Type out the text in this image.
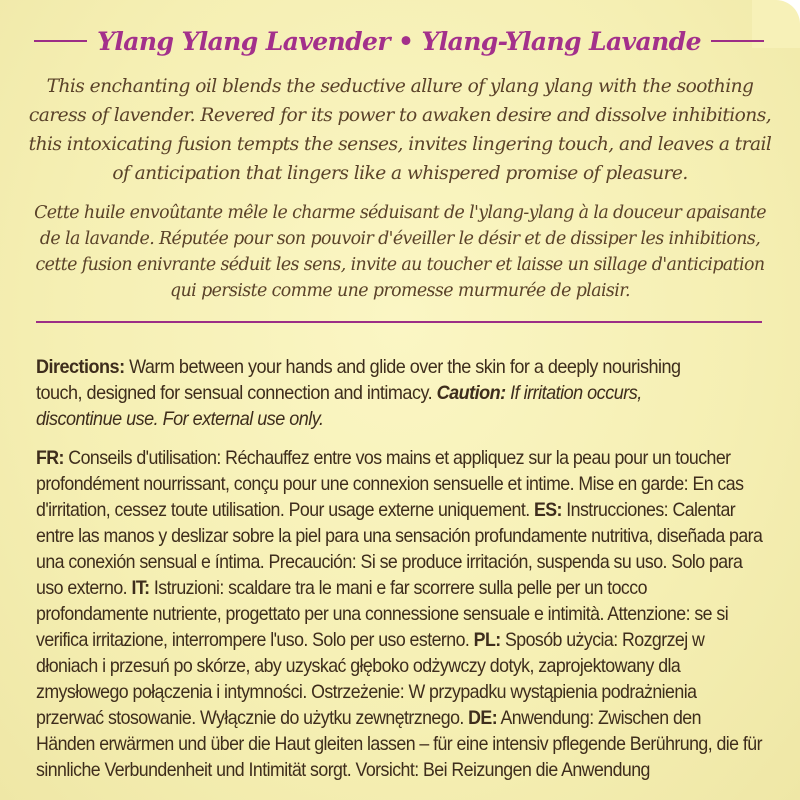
Ylang Ylang Lavender • Ylang-Ylang Lavande
This enchanting oil blends the seductive allure of ylang ylang with the soothing caress of lavender. Revered for its power to awaken desire and dissolve inhibitions, this intoxicating fusion tempts the senses, invites lingering touch, and leaves a trail of anticipation that lingers like a whispered promise of pleasure.
Cette huile envoûtante mêle le charme séduisant de l'ylang-ylang à la douceur apaisante de la lavande. Réputée pour son pouvoir d'éveiller le désir et de dissiper les inhibitions, cette fusion enivrante séduit les sens, invite au toucher et laisse un sillage d'anticipation qui persiste comme une promesse murmurée de plaisir.
Directions: Warm between your hands and glide over the skin for a deeply nourishing touch, designed for sensual connection and intimacy. Caution: If irritation occurs, discontinue use. For external use only.
FR: Conseils d'utilisation: Réchauffez entre vos mains et appliquez sur la peau pour un toucher profondément nourrissant, conçu pour une connexion sensuelle et intime. Mise en garde: En cas d'irritation, cessez toute utilisation. Pour usage externe uniquement. ES: Instrucciones: Calentar entre las manos y deslizar sobre la piel para una sensación profundamente nutritiva, diseñada para una conexión sensual e íntima. Precaución: Si se produce irritación, suspenda su uso. Solo para uso externo. IT: Istruzioni: scaldare tra le mani e far scorrere sulla pelle per un tocco profondamente nutriente, progettato per una connessione sensuale e intimità. Attenzione: se si verifica irritazione, interrompere l'uso. Solo per uso esterno. PL: Sposób użycia: Rozgrzej w dłoniach i przesuń po skórze, aby uzyskać głęboko odżywczy dotyk, zaprojektowany dla zmysłowego połączenia i intymności. Ostrzeżenie: W przypadku wystąpienia podrażnienia przerwać stosowanie. Wyłącznie do użytku zewnętrznego. DE: Anwendung: Zwischen den Händen erwärmen und über die Haut gleiten lassen – für eine intensiv pflegende Berührung, die für sinnliche Verbundenheit und Intimität sorgt. Vorsicht: Bei Reizungen die Anwendung
